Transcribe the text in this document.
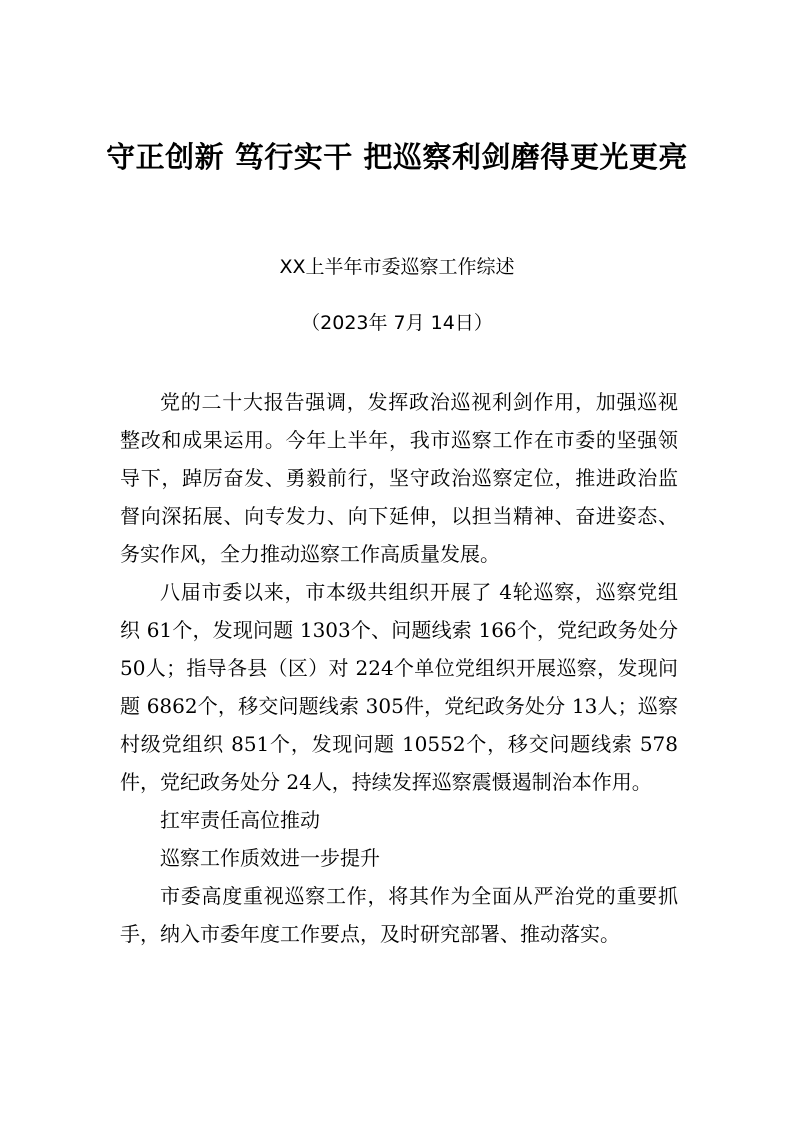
守正创新 笃行实干 把巡察利剑磨得更光更亮
XX上半年市委巡察工作综述
（2023年 7月 14日）

党的二十大报告强调，发挥政治巡视利剑作用，加强巡视整改和成果运用。今年上半年，我市巡察工作在市委的坚强领导下，踔厉奋发、勇毅前行，坚守政治巡察定位，推进政治监督向深拓展、向专发力、向下延伸，以担当精神、奋进姿态、务实作风，全力推动巡察工作高质量发展。

八届市委以来，市本级共组织开展了 4轮巡察，巡察党组织 61个，发现问题 1303个、问题线索 166个，党纪政务处分 50人；指导各县（区）对 224个单位党组织开展巡察，发现问题 6862个，移交问题线索 305件，党纪政务处分 13人；巡察村级党组织 851个，发现问题 10552个，移交问题线索 578件，党纪政务处分 24人，持续发挥巡察震慑遏制治本作用。

扛牢责任高位推动

巡察工作质效进一步提升

市委高度重视巡察工作，将其作为全面从严治党的重要抓手，纳入市委年度工作要点，及时研究部署、推动落实。
